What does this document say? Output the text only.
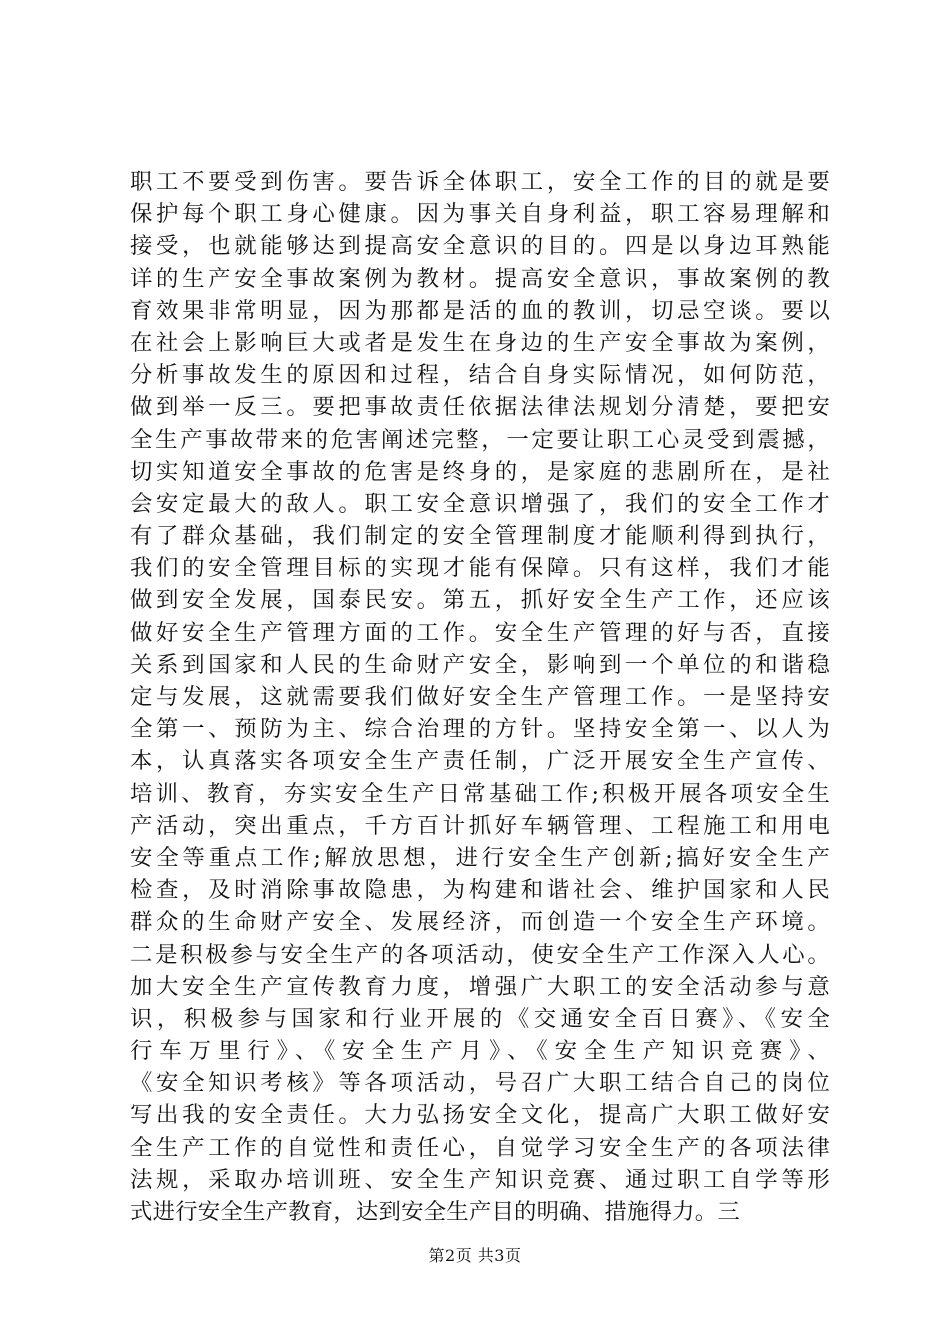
职工不要受到伤害。要告诉全体职工，安全工作的目的就是要
保护每个职工身心健康。因为事关自身利益，职工容易理解和
接受，也就能够达到提高安全意识的目的。四是以身边耳熟能
详的生产安全事故案例为教材。提高安全意识，事故案例的教
育效果非常明显，因为那都是活的血的教训，切忌空谈。要以
在社会上影响巨大或者是发生在身边的生产安全事故为案例，
分析事故发生的原因和过程，结合自身实际情况，如何防范，
做到举一反三。要把事故责任依据法律法规划分清楚，要把安
全生产事故带来的危害阐述完整，一定要让职工心灵受到震撼，
切实知道安全事故的危害是终身的，是家庭的悲剧所在，是社
会安定最大的敌人。职工安全意识增强了，我们的安全工作才
有了群众基础，我们制定的安全管理制度才能顺利得到执行，
我们的安全管理目标的实现才能有保障。只有这样，我们才能
做到安全发展，国泰民安。第五，抓好安全生产工作，还应该
做好安全生产管理方面的工作。安全生产管理的好与否，直接
关系到国家和人民的生命财产安全，影响到一个单位的和谐稳
定与发展，这就需要我们做好安全生产管理工作。一是坚持安
全第一、预防为主、综合治理的方针。坚持安全第一、以人为
本，认真落实各项安全生产责任制，广泛开展安全生产宣传、
培训、教育，夯实安全生产日常基础工作;积极开展各项安全生
产活动，突出重点，千方百计抓好车辆管理、工程施工和用电
安全等重点工作;解放思想，进行安全生产创新;搞好安全生产
检查，及时消除事故隐患，为构建和谐社会、维护国家和人民
群众的生命财产安全、发展经济，而创造一个安全生产环境。
二是积极参与安全生产的各项活动，使安全生产工作深入人心。
加大安全生产宣传教育力度，增强广大职工的安全活动参与意
识，积极参与国家和行业开展的《交通安全百日赛》、《安全
行车万里行》、《安全生产月》、《安全生产知识竞赛》、
《安全知识考核》等各项活动，号召广大职工结合自己的岗位
写出我的安全责任。大力弘扬安全文化，提高广大职工做好安
全生产工作的自觉性和责任心，自觉学习安全生产的各项法律
法规，采取办培训班、安全生产知识竞赛、通过职工自学等形
式进行安全生产教育，达到安全生产目的明确、措施得力。三
第2页 共3页
